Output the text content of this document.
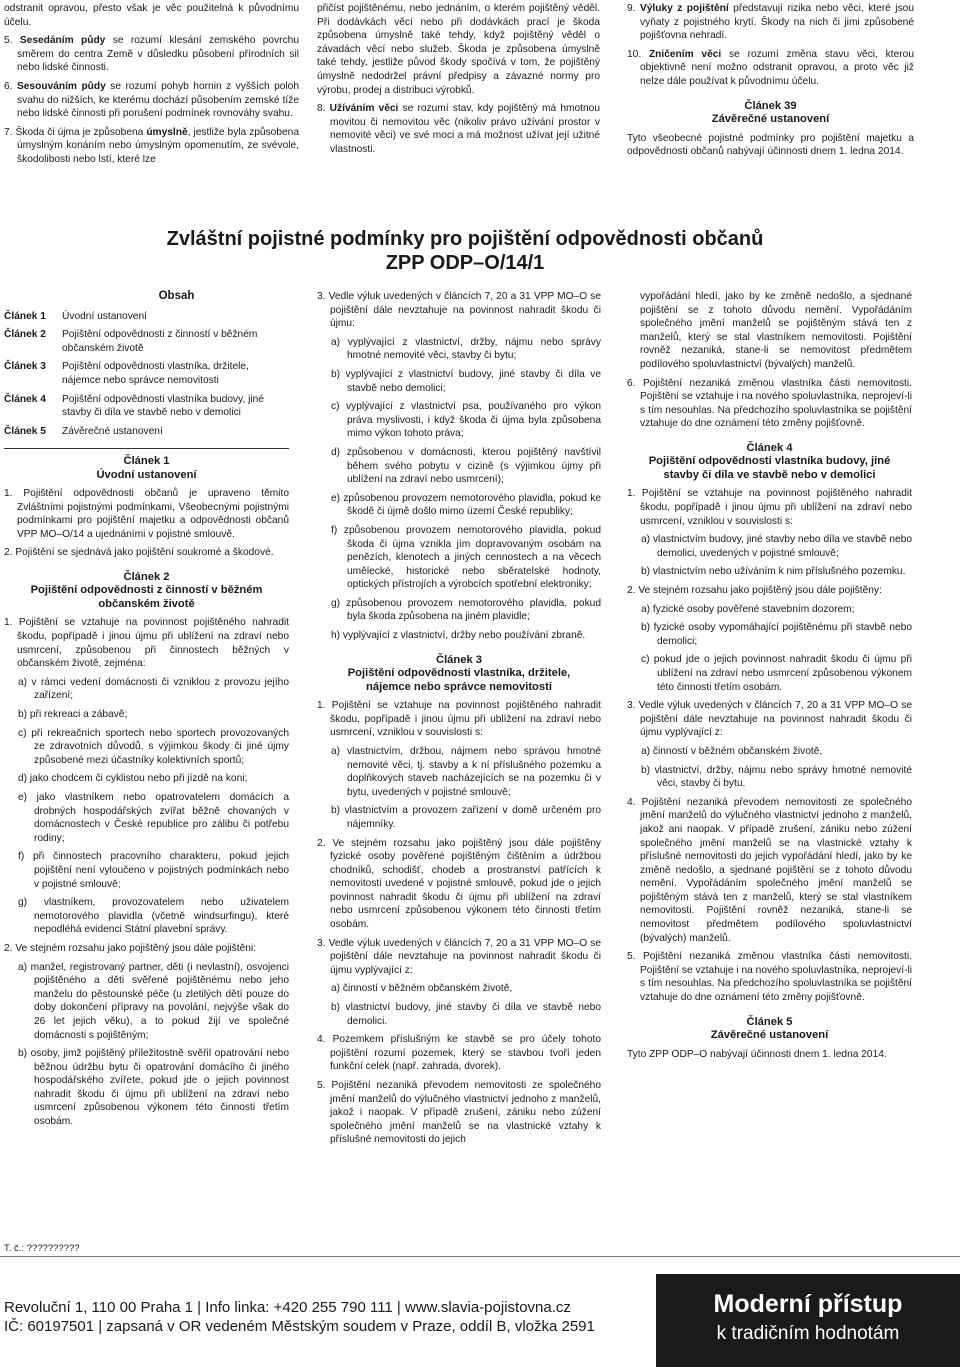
odstranit opravou, přesto však je věc použitelná k původnímu účelu.

5. Sesedáním půdy se rozumí klesání zemského povrchu směrem do centra Země v důsledku působení přírodních sil nebo lidské činnosti.

6. Sesouváním půdy se rozumí pohyb hornin z vyšších poloh svahu do nižších, ke kterému dochází působením zemské tíže nebo lidské činnosti při porušení podmínek rovnováhy svahu.

7. Škoda či újma je způsobena úmyslně, jestliže byla způsobena úmyslným konáním nebo úmyslným opomenutím, ze svévole, škodolibosti nebo lstí, které lze

přičíst pojištěnému, nebo jednáním, o kterém pojištěný věděl. Při dodávkách věcí nebo při dodávkách prací je škoda způsobena úmyslně také tehdy, když pojištěný věděl o závadách věcí nebo služeb. Škoda je způsobena úmyslně také tehdy, jestliže původ škody spočívá v tom, že pojištěný úmyslně nedodržel právní předpisy a závazné normy pro výrobu, prodej a distribuci výrobků.

8. Užíváním věci se rozumí stav, kdy pojištěný má hmotnou movitou či nemovitou věc (nikoliv právo užívání prostor v nemovité věci) ve své moci a má možnost užívat její užitné vlastnosti.

9. Výluky z pojištění představují rizika nebo věci, které jsou vyňaty z pojistného krytí. Škody na nich či jimi způsobené pojišťovna nehradí.

10. Zničením věci se rozumí změna stavu věci, kterou objektivně není možno odstranit opravou, a proto věc již nelze dále používat k původnímu účelu.

Článek 39
Závěrečné ustanovení

Tyto všeobecné pojistné podmínky pro pojištění majetku a odpovědnosti občanů nabývají účinnosti dnem 1. ledna 2014.

Zvláštní pojistné podmínky pro pojištění odpovědnosti občanů
ZPP ODP–O/14/1
Obsah
Článek 1	Úvodní ustanovení
Článek 2	Pojištění odpovědnosti z činností v běžném občanském životě
Článek 3	Pojištění odpovědnosti vlastníka, držitele, nájemce nebo správce nemovitosti
Článek 4	Pojištění odpovědnosti vlastníka budovy, jiné stavby či díla ve stavbě nebo v demolici
Článek 5	Závěrečné ustanovení
Článek 1
Úvodní ustanovení

1. Pojištění odpovědnosti občanů je upraveno těmito Zvláštními pojistnými podmínkami, Všeobecnými pojistnými podmínkami pro pojištění majetku a odpovědnosti občanů VPP MO–O/14 a ujednáními v pojistné smlouvě.

2. Pojištění se sjednává jako pojištění soukromé a škodové.

Článek 2
Pojištění odpovědnosti z činností v běžném
občanském životě

1. Pojištění se vztahuje na povinnost pojištěného nahradit škodu, popřípadě i jinou újmu při ublížení na zdraví nebo usmrcení, způsobenou při činnostech běžných v občanském životě, zejména:

a) v rámci vedení domácnosti či vzniklou z provozu jejího zařízení;

b) při rekreaci a zábavě;

c) při rekreačních sportech nebo sportech provozovaných ze zdravotních důvodů, s výjimkou škody či jiné újmy způsobené mezi účastníky kolektivních sportů;

d) jako chodcem či cyklistou nebo při jízdě na koni;

e) jako vlastníkem nebo opatrovatelem domácích a drobných hospodářských zvířat běžně chovaných v domácnostech v České republice pro zálibu či potřebu rodiny;

f) při činnostech pracovního charakteru, pokud jejich pojištění není vyloučeno v pojistných podmínkách nebo v pojistné smlouvě;

g) vlastníkem, provozovatelem nebo uživatelem nemotorového plavidla (včetně windsurfingu), které nepodléhá evidenci Státní plavební správy.

2. Ve stejném rozsahu jako pojištěný jsou dále pojištěni:

a) manžel, registrovaný partner, děti (i nevlastní), osvojenci pojištěného a děti svěřené pojištěnému nebo jeho manželu do pěstounské péče (u zletilých dětí pouze do doby dokončení přípravy na povolání, nejvýše však do 26 let jejich věku), a to pokud žijí ve společné domácnosti s pojištěným;

b) osoby, jimž pojištěný příležitostně svěřil opatrování nebo běžnou údržbu bytu či opatrování domácího či jiného hospodářského zvířete, pokud jde o jejich povinnost nahradit škodu či újmu při ublížení na zdraví nebo usmrcení způsobenou výkonem této činnosti třetím osobám.

3. Vedle výluk uvedených v článcích 7, 20 a 31 VPP MO–O se pojištění dále nevztahuje na povinnost nahradit škodu či újmu:

a) vyplývající z vlastnictví, držby, nájmu nebo správy hmotné nemovité věci, stavby či bytu;

b) vyplývající z vlastnictví budovy, jiné stavby či díla ve stavbě nebo demolici;

c) vyplývající z vlastnictví psa, používaného pro výkon práva myslivosti, i když škoda či újma byla způsobena mimo výkon tohoto práva;

d) způsobenou v domácnosti, kterou pojištěný navštívil během svého pobytu v cizině (s výjimkou újmy při ublížení na zdraví nebo usmrcení);

e) způsobenou provozem nemotorového plavidla, pokud ke škodě či újmě došlo mimo území České republiky;

f) způsobenou provozem nemotorového plavidla, pokud škoda či újma vznikla jím dopravovaným osobám na penězích, klenotech a jiných cennostech a na věcech umělecké, historické nebo sběratelské hodnoty, optických přístrojích a výrobcích spotřební elektroniky;

g) způsobenou provozem nemotorového plavidla, pokud byla škoda způsobena na jiném plavidle;

h) vyplývající z vlastnictví, držby nebo používání zbraně.

Článek 3
Pojištění odpovědnosti vlastníka, držitele,
nájemce nebo správce nemovitosti

1. Pojištění se vztahuje na povinnost pojištěného nahradit škodu, popřípadě i jinou újmu při ublížení na zdraví nebo usmrcení, vzniklou v souvislosti s:

a) vlastnictvím, držbou, nájmem nebo správou hmotné nemovité věci, tj. stavby a k ní příslušného pozemku a doplňkových staveb nacházejících se na pozemku či v bytu, uvedených v pojistné smlouvě;

b) vlastnictvím a provozem zařízení v domě určeném pro nájemníky.

2. Ve stejném rozsahu jako pojištěný jsou dále pojištěny fyzické osoby pověřené pojištěným čištěním a údržbou chodníků, schodišť, chodeb a prostranství patřících k nemovitosti uvedené v pojistné smlouvě, pokud jde o jejich povinnost nahradit škodu či újmu při ublížení na zdraví nebo usmrcení způsobenou výkonem této činnosti třetím osobám.

3. Vedle výluk uvedených v článcích 7, 20 a 31 VPP MO–O se pojištění dále nevztahuje na povinnost nahradit škodu či újmu vyplývající z:

a) činností v běžném občanském životě,

b) vlastnictví budovy, jiné stavby či díla ve stavbě nebo demolici.

4. Pozemkem příslušným ke stavbě se pro účely tohoto pojištění rozumí pozemek, který se stavbou tvoří jeden funkční celek (např. zahrada, dvorek).

5. Pojištění nezaniká převodem nemovitosti ze společného jmění manželů do výlučného vlastnictví jednoho z manželů, jakož i naopak. V případě zrušení, zániku nebo zúžení společného jmění manželů se na vlastnické vztahy k příslušné nemovitosti do jejich

vypořádání hledí, jako by ke změně nedošlo, a sjednané pojištění se z tohoto důvodu nemění. Vypořádáním společného jmění manželů se pojištěným stává ten z manželů, který se stal vlastníkem nemovitosti. Pojištění rovněž nezaniká, stane-li se nemovitost předmětem podílového spoluvlastnictví (bývalých) manželů.

6. Pojištění nezaniká změnou vlastníka části nemovitosti. Pojištění se vztahuje i na nového spoluvlastníka, neprojeví-li s tím nesouhlas. Na předchozího spoluvlastníka se pojištění vztahuje do dne oznámení této změny pojišťovně.

Článek 4
Pojištění odpovědnosti vlastníka budovy, jiné
stavby či díla ve stavbě nebo v demolici

1. Pojištění se vztahuje na povinnost pojištěného nahradit škodu, popřípadě i jinou újmu při ublížení na zdraví nebo usmrcení, vzniklou v souvislosti s:

a) vlastnictvím budovy, jiné stavby nebo díla ve stavbě nebo demolici, uvedených v pojistné smlouvě;

b) vlastnictvím nebo užíváním k nim příslušného pozemku.

2. Ve stejném rozsahu jako pojištěný jsou dále pojištěny:

a) fyzické osoby pověřené stavebním dozorem;

b) fyzické osoby vypomáhající pojištěnému při stavbě nebo demolici;

c) pokud jde o jejich povinnost nahradit škodu či újmu při ublížení na zdraví nebo usmrcení způsobenou výkonem této činnosti třetím osobám.

3. Vedle výluk uvedených v článcích 7, 20 a 31 VPP MO–O se pojištění dále nevztahuje na povinnost nahradit škodu či újmu vyplývající z:

a) činností v běžném občanském životě,

b) vlastnictví, držby, nájmu nebo správy hmotné nemovité věci, stavby či bytu.

4. Pojištění nezaniká převodem nemovitosti ze společného jmění manželů do výlučného vlastnictví jednoho z manželů, jakož ani naopak. V případě zrušení, zániku nebo zúžení společného jmění manželů se na vlastnické vztahy k příslušné nemovitosti do jejich vypořádání hledí, jako by ke změně nedošlo, a sjednané pojištění se z tohoto důvodu nemění. Vypořádáním společného jmění manželů se pojištěným stává ten z manželů, který se stal vlastníkem nemovitosti. Pojištění rovněž nezaniká, stane-li se nemovitost předmětem podílového spoluvlastnictví (bývalých) manželů.

5. Pojištění nezaniká změnou vlastníka části nemovitosti. Pojištění se vztahuje i na nového spoluvlastníka, neprojeví-li s tím nesouhlas. Na předchozího spoluvlastníka se pojištění vztahuje do dne oznámení této změny pojišťovně.

Článek 5
Závěrečné ustanovení

Tyto ZPP ODP–O nabývají účinnosti dnem 1. ledna 2014.

T. č.: ??????????
Revoluční 1, 110 00 Praha 1 | Info linka: +420 255 790 111 | www.slavia-pojistovna.cz
IČ: 60197501 | zapsaná v OR vedeném Městským soudem v Praze, oddíl B, vložka 2591
Moderní přístup
k tradičním hodnotám
